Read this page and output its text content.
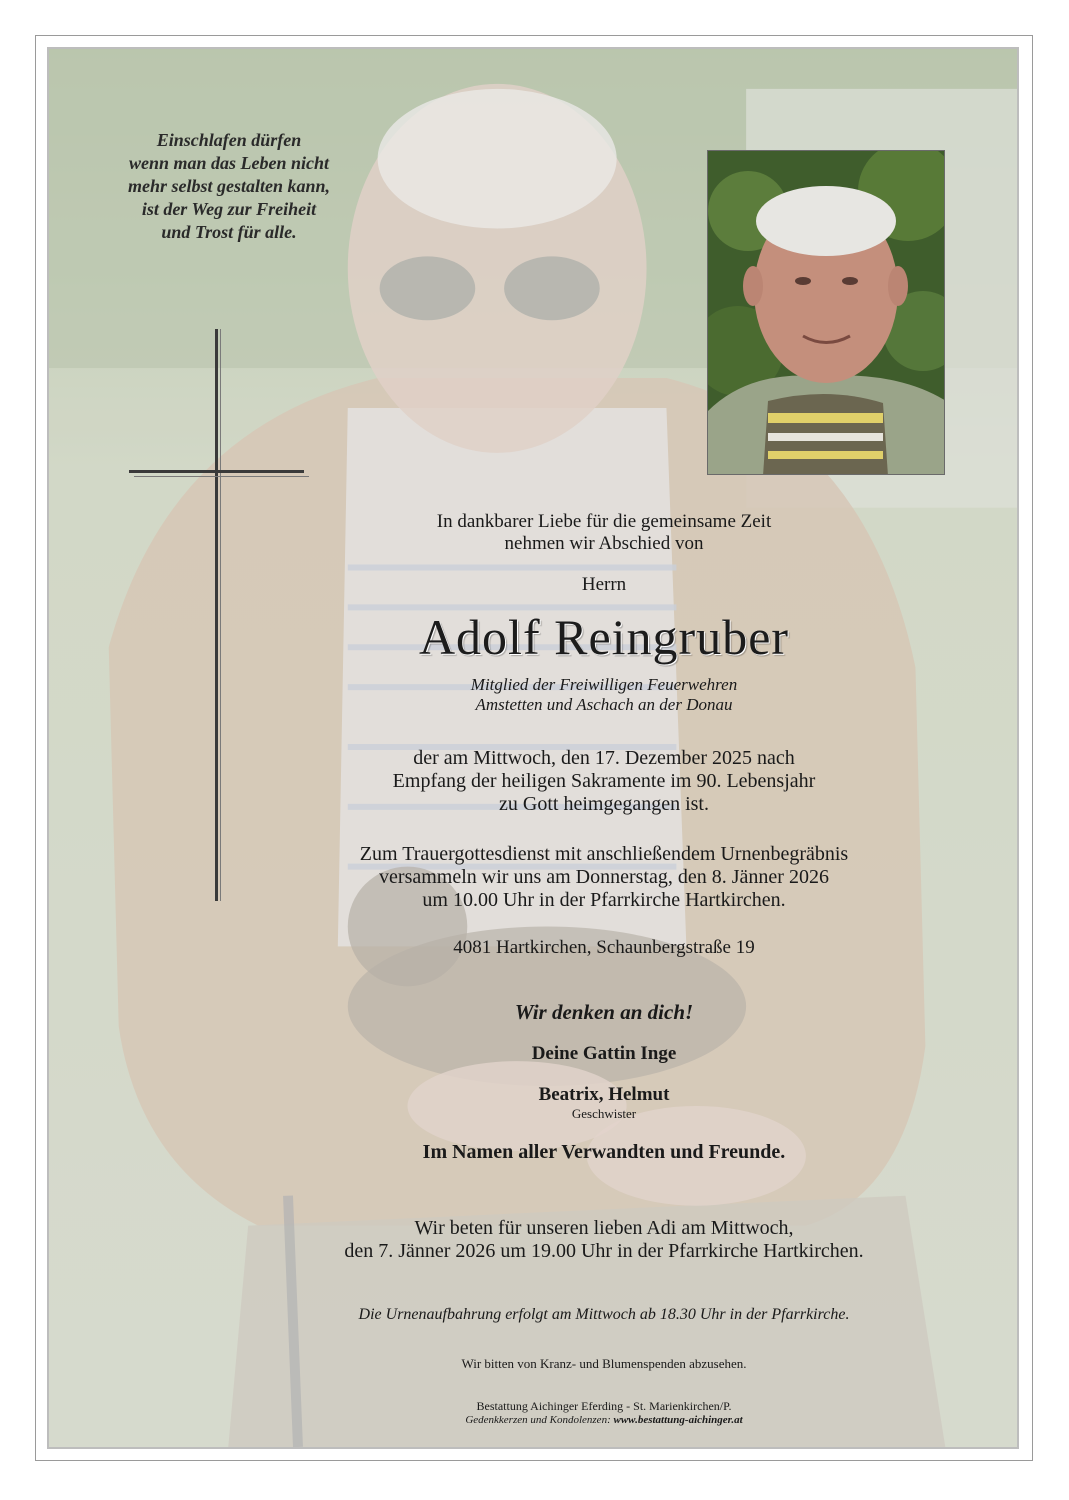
Einschlafen dürfen
wenn man das Leben nicht
mehr selbst gestalten kann,
ist der Weg zur Freiheit
und Trost für alle.
In dankbarer Liebe für die gemeinsame Zeit
nehmen wir Abschied von
Herrn
Adolf Reingruber
Mitglied der Freiwilligen Feuerwehren
Amstetten und Aschach an der Donau
der am Mittwoch, den 17. Dezember 2025 nach
Empfang der heiligen Sakramente im 90. Lebensjahr
zu Gott heimgegangen ist.
Zum Trauergottesdienst mit anschließendem Urnenbegräbnis
versammeln wir uns am Donnerstag, den 8. Jänner 2026
um 10.00 Uhr in der Pfarrkirche Hartkirchen.
4081 Hartkirchen, Schaunbergstraße 19
Wir denken an dich!
Deine Gattin Inge
Beatrix, Helmut
Geschwister
Im Namen aller Verwandten und Freunde.
Wir beten für unseren lieben Adi am Mittwoch,
den 7. Jänner 2026 um 19.00 Uhr in der Pfarrkirche Hartkirchen.
Die Urnenaufbahrung erfolgt am Mittwoch ab 18.30 Uhr in der Pfarrkirche.
Wir bitten von Kranz- und Blumenspenden abzusehen.
Bestattung Aichinger Eferding - St. Marienkirchen/P.
Gedenkkerzen und Kondolenzen: www.bestattung-aichinger.at
